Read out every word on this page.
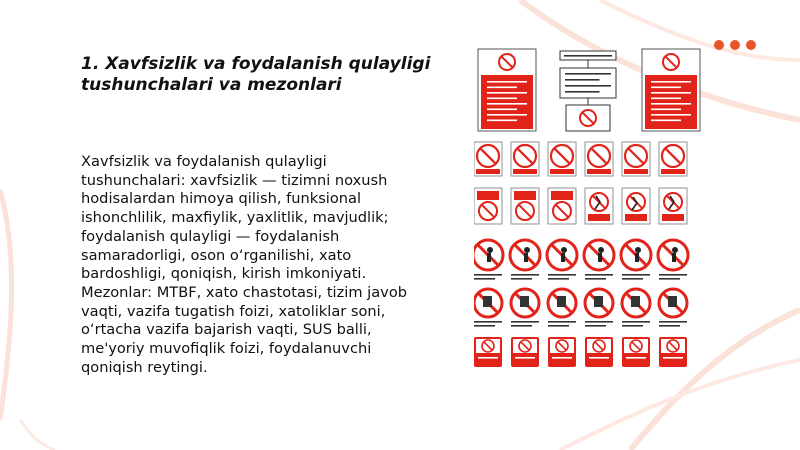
1. Xavfsizlik va foydalanish qulayligi tushunchalari va mezonlari

Xavfsizlik va foydalanish qulayligi tushunchalari: xavfsizlik — tizimni noxush hodisalardan himoya qilish, funksional ishonchlilik, maxfiylik, yaxlitlik, mavjudlik; foydalanish qulayligi — foydalanish samaradorligi, oson o‘rganilishi, xato bardoshligi, qoniqish, kirish imkoniyati. Mezonlar: MTBF, xato chastotasi, tizim javob vaqti, vazifa tugatish foizi, xatoliklar soni, o‘rtacha vazifa bajarish vaqti, SUS balli, me'yoriy muvofiqlik foizi, foydalanuvchi qoniqish reytingi.
